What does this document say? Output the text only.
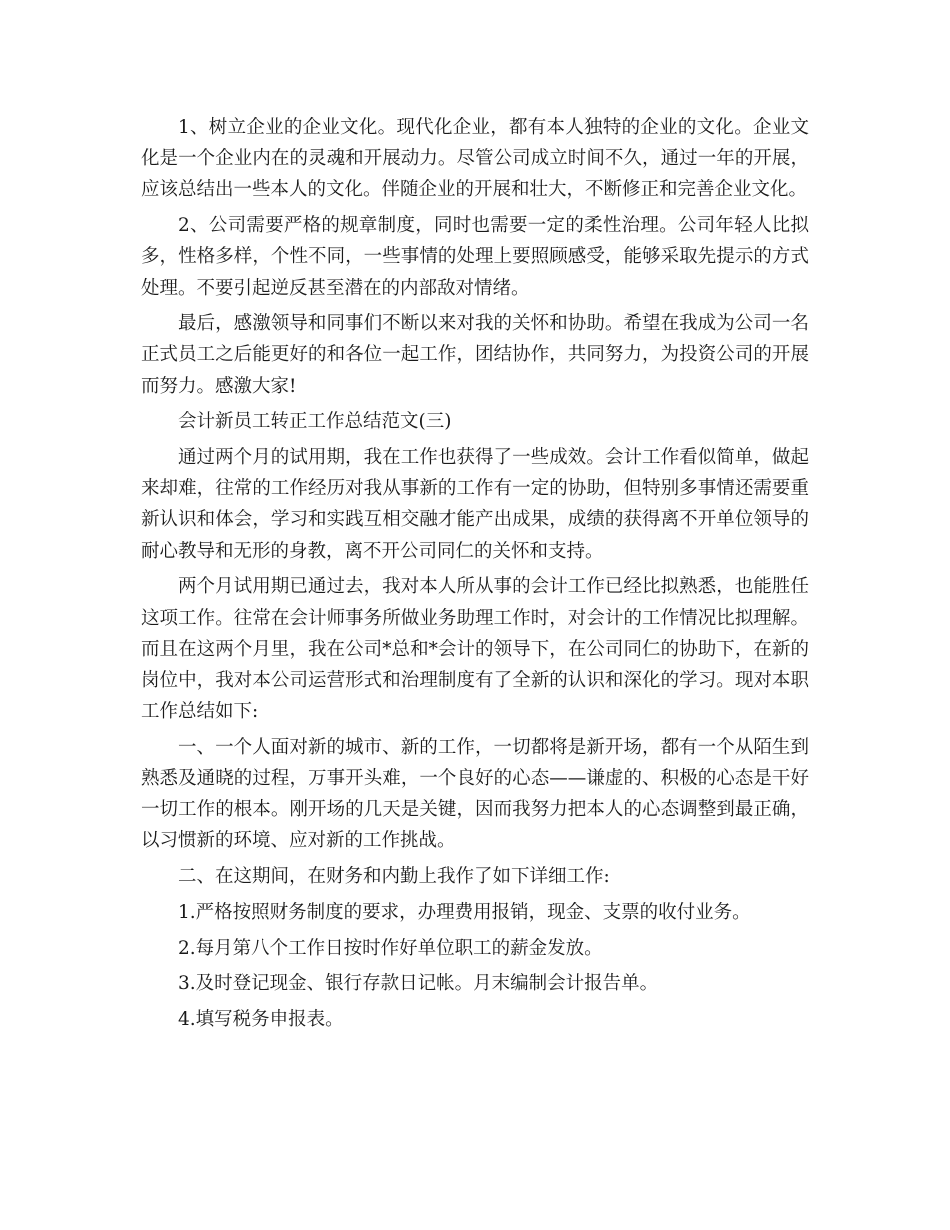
1、树立企业的企业文化。现代化企业，都有本人独特的企业的文化。企业文化是一个企业内在的灵魂和开展动力。尽管公司成立时间不久，通过一年的开展，应该总结出一些本人的文化。伴随企业的开展和壮大，不断修正和完善企业文化。

2、公司需要严格的规章制度，同时也需要一定的柔性治理。公司年轻人比拟多，性格多样，个性不同，一些事情的处理上要照顾感受，能够采取先提示的方式处理。不要引起逆反甚至潜在的内部敌对情绪。

最后，感激领导和同事们不断以来对我的关怀和协助。希望在我成为公司一名正式员工之后能更好的和各位一起工作，团结协作，共同努力，为投资公司的开展而努力。感激大家!

会计新员工转正工作总结范文(三)

通过两个月的试用期，我在工作也获得了一些成效。会计工作看似简单，做起来却难，往常的工作经历对我从事新的工作有一定的协助，但特别多事情还需要重新认识和体会，学习和实践互相交融才能产出成果，成绩的获得离不开单位领导的耐心教导和无形的身教，离不开公司同仁的关怀和支持。

两个月试用期已通过去，我对本人所从事的会计工作已经比拟熟悉，也能胜任这项工作。往常在会计师事务所做业务助理工作时，对会计的工作情况比拟理解。而且在这两个月里，我在公司*总和*会计的领导下，在公司同仁的协助下，在新的岗位中，我对本公司运营形式和治理制度有了全新的认识和深化的学习。现对本职工作总结如下:

一、一个人面对新的城市、新的工作，一切都将是新开场，都有一个从陌生到熟悉及通晓的过程，万事开头难，一个良好的心态——谦虚的、积极的心态是干好一切工作的根本。刚开场的几天是关键，因而我努力把本人的心态调整到最正确，以习惯新的环境、应对新的工作挑战。

二、在这期间，在财务和内勤上我作了如下详细工作:

1.严格按照财务制度的要求，办理费用报销，现金、支票的收付业务。

2.每月第八个工作日按时作好单位职工的薪金发放。

3.及时登记现金、银行存款日记帐。月末编制会计报告单。

4.填写税务申报表。
